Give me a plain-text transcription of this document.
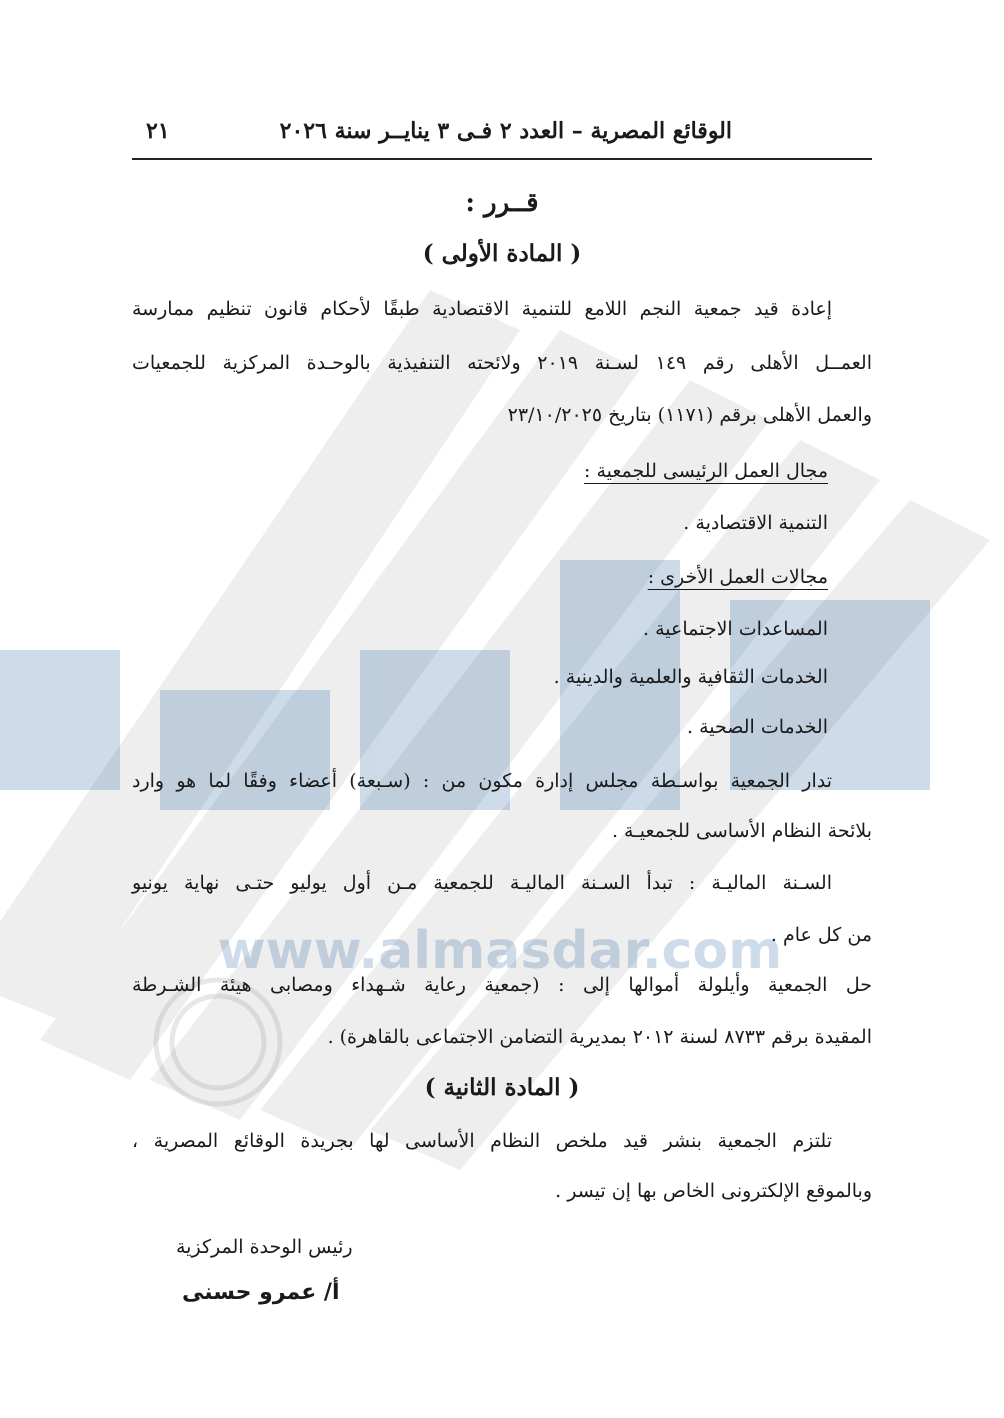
www.almasdar.com
الوقائع المصرية – العدد ٢ فـى ٣ ينايــر سنة ٢٠٢٦
٢١
قــرر :
( المادة الأولى )
إعادة قيد جمعية النجم اللامع للتنمية الاقتصادية طبقًا لأحكام قانون تنظيم ممارسة
العمــل الأهلى رقم ١٤٩ لسـنة ٢٠١٩ ولائحته التنفيذية بالوحـدة المركزية للجمعيات
والعمل الأهلى برقم (١١٧١) بتاريخ ٢٣/١٠/٢٠٢٥
مجال العمل الرئيسى للجمعية :
التنمية الاقتصادية .
مجالات العمل الأخرى :
المساعدات الاجتماعية .
الخدمات الثقافية والعلمية والدينية .
الخدمات الصحية .
تدار الجمعية بواسـطة مجلس إدارة مكون من : (سـبعة) أعضاء وفقًا لما هو وارد
بلائحة النظام الأساسى للجمعيـة .
السـنة الماليـة : تبدأ السـنة الماليـة للجمعية مـن أول يوليو حتـى نهاية يونيو
من كل عام .
حل الجمعية وأيلولة أموالها إلى : (جمعية رعاية شـهداء ومصابى هيئة الشـرطة
المقيدة برقم ٨٧٣٣ لسنة ٢٠١٢ بمديرية التضامن الاجتماعى بالقاهرة) .
( المادة الثانية )
تلتزم الجمعية بنشر قيد ملخص النظام الأساسى لها بجريدة الوقائع المصرية ،
وبالموقع الإلكترونى الخاص بها إن تيسر .
رئيس الوحدة المركزية
أ/ عمرو حسنى
